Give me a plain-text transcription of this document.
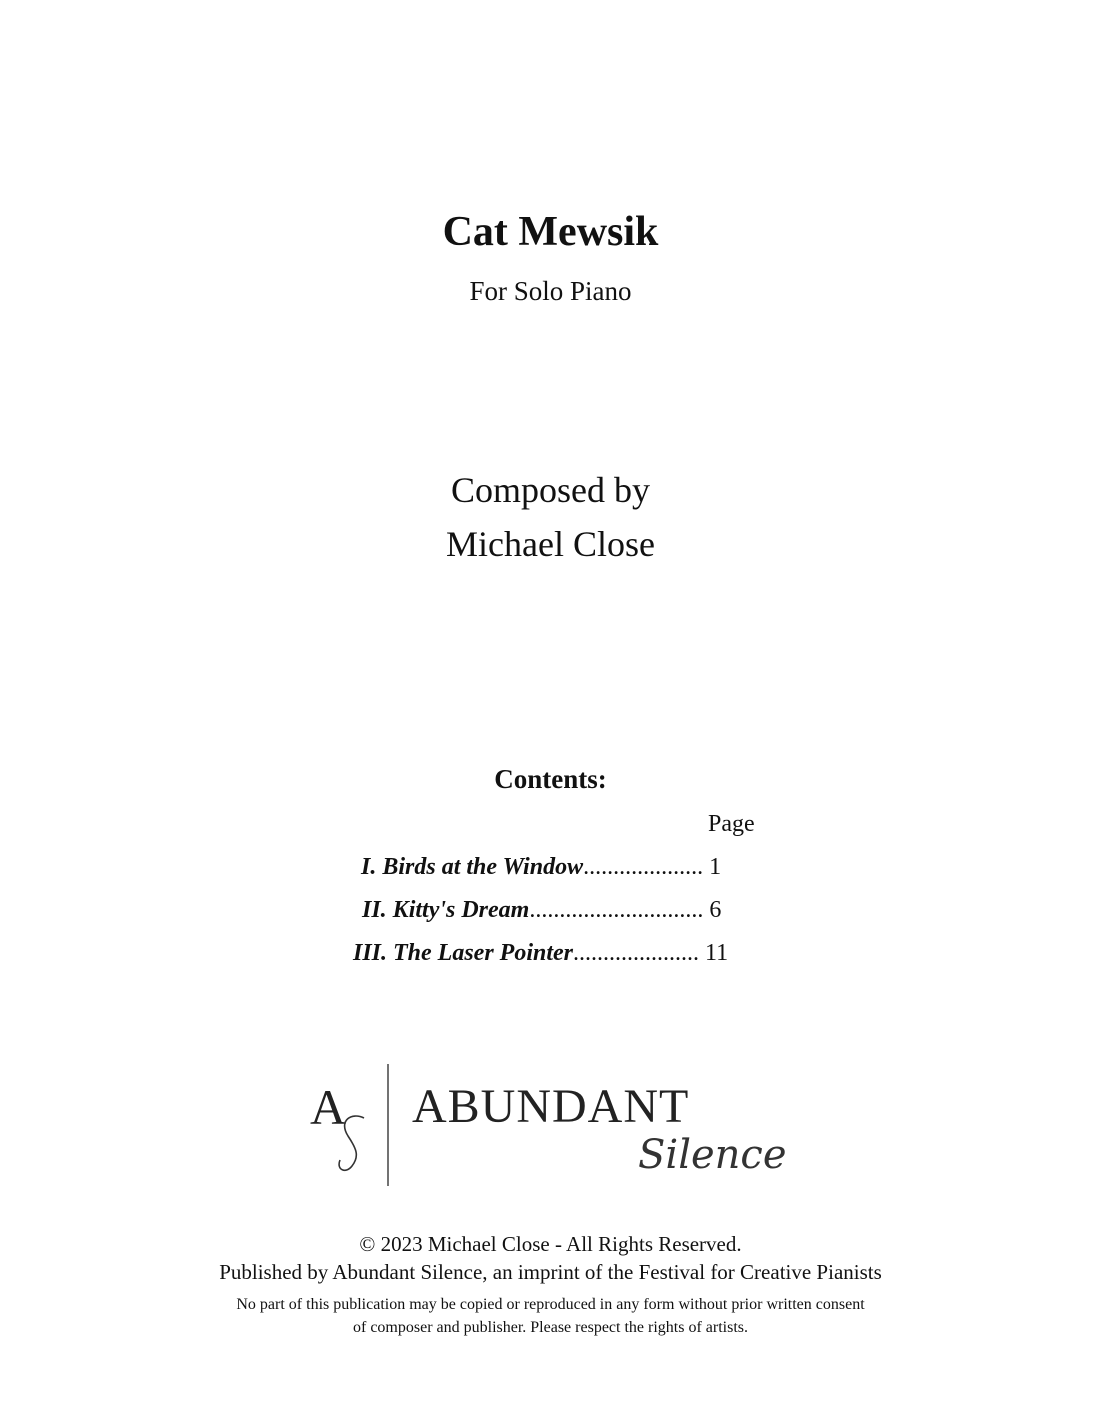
Cat Mewsik
For Solo Piano
Composed by
Michael Close
Contents:
Page
I. Birds at the Window.................... 1
II. Kitty's Dream............................. 6
III. The Laser Pointer..................... 11
A ABUNDANT
Silence
© 2023 Michael Close - All Rights Reserved.
Published by Abundant Silence, an imprint of the Festival for Creative Pianists
No part of this publication may be copied or reproduced in any form without prior written consent
of composer and publisher. Please respect the rights of artists.
